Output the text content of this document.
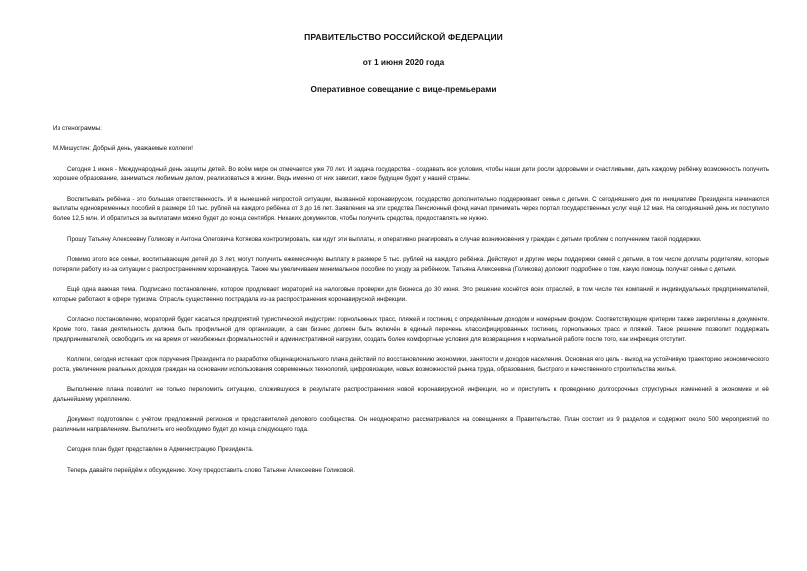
ПРАВИТЕЛЬСТВО РОССИЙСКОЙ ФЕДЕРАЦИИ
от 1 июня 2020 года
Оперативное совещание с вице-премьерами

Из стенограммы:

М.Мишустин: Добрый день, уважаемые коллеги!

Сегодня 1 июня - Международный день защиты детей. Во всём мире он отмечается уже 70 лет. И задача государства - создавать все условия, чтобы наши дети росли здоровыми и счастливыми, дать каждому ребёнку возможность получить хорошее образование, заниматься любимым делом, реализоваться в жизни. Ведь именно от них зависит, какое будущее будет у нашей страны.

Воспитывать ребёнка - это большая ответственность. И в нынешней непростой ситуации, вызванной коронавирусом, государство дополнительно поддерживает семьи с детьми. С сегодняшнего дня по инициативе Президента начинаются выплаты единовременных пособий в размере 10 тыс. рублей на каждого ребёнка от 3 до 16 лет. Заявления на эти средства Пенсионный фонд начал принимать через портал государственных услуг ещё 12 мая. На сегодняшний день их поступило более 12,5 млн. И обратиться за выплатами можно будет до конца сентября. Никаких документов, чтобы получить средства, предоставлять не нужно.

Прошу Татьяну Алексеевну Голикову и Антона Олеговича Котякова контролировать, как идут эти выплаты, и оперативно реагировать в случае возникновения у граждан с детьми проблем с получением такой поддержки.

Помимо этого все семьи, воспитывающие детей до 3 лет, могут получить ежемесячную выплату в размере 5 тыс. рублей на каждого ребёнка. Действуют и другие меры поддержки семей с детьми, в том числе доплаты родителям, которые потеряли работу из-за ситуации с распространением коронавируса. Также мы увеличиваем минимальное пособие по уходу за ребёнком. Татьяна Алексеевна (Голикова) доложит подробнее о том, какую помощь получат семьи с детьми.

Ещё одна важная тема. Подписано постановление, которое продлевает мораторий на налоговые проверки для бизнеса до 30 июня. Это решение коснётся всех отраслей, в том числе тех компаний и индивидуальных предпринимателей, которые работают в сфере туризма. Отрасль существенно пострадала из-за распространения коронавирусной инфекции.

Согласно постановлению, мораторий будет касаться предприятий туристической индустрии: горнолыжных трасс, пляжей и гостиниц с определённым доходом и номерным фондом. Соответствующие критерии также закреплены в документе. Кроме того, такая деятельность должна быть профильной для организации, а сам бизнес должен быть включён в единый перечень классифицированных гостиниц, горнолыжных трасс и пляжей. Такое решение позволит поддержать предпринимателей, освободить их на время от неизбежных формальностей и административной нагрузки, создать более комфортные условия для возвращения к нормальной работе после того, как инфекция отступит.

Коллеги, сегодня истекает срок поручения Президента по разработке общенационального плана действий по восстановлению экономики, занятости и доходов населения. Основная его цель - выход на устойчивую траекторию экономического роста, увеличение реальных доходов граждан на основании использования современных технологий, цифровизации, новых возможностей рынка труда, образования, быстрого и качественного строительства жилья.

Выполнение плана позволит не только переломить ситуацию, сложившуюся в результате распространения новой коронавирусной инфекции, но и приступить к проведению долгосрочных структурных изменений в экономике и её дальнейшему укреплению.

Документ подготовлен с учётом предложений регионов и представителей делового сообщества. Он неоднократно рассматривался на совещаниях в Правительстве. План состоит из 9 разделов и содержит около 500 мероприятий по различным направлениям. Выполнить его необходимо будет до конца следующего года.

Сегодня план будет представлен в Администрацию Президента.

Теперь давайте перейдём к обсуждению. Хочу предоставить слово Татьяне Алексеевне Голиковой.
